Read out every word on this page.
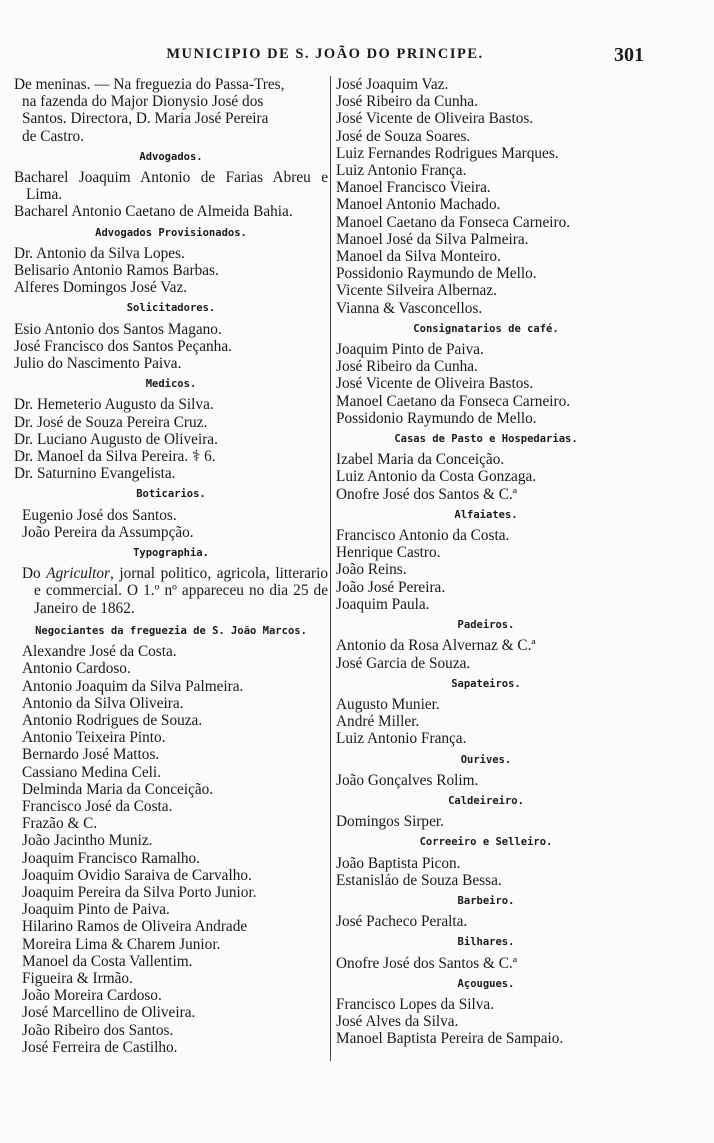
MUNICIPIO DE S. JOÃO DO PRINCIPE.	301
De meninas. — Na freguezia do Passa-Tres,
na fazenda do Major Dionysio José dos
Santos. Directora, D. Maria José Pereira
de Castro.
Advogados.
Bacharel Joaquim Antonio de Farias Abreu e Lima.
Bacharel Antonio Caetano de Almeida Bahia.
Advogados Provisionados.
Dr. Antonio da Silva Lopes.
Belisario Antonio Ramos Barbas.
Alferes Domingos José Vaz.
Solicitadores.
Esio Antonio dos Santos Magano.
José Francisco dos Santos Peçanha.
Julio do Nascimento Paiva.
Medicos.
Dr. Hemeterio Augusto da Silva.
Dr. José de Souza Pereira Cruz.
Dr. Luciano Augusto de Oliveira.
Dr. Manoel da Silva Pereira. ⚕ 6.
Dr. Saturnino Evangelista.
Boticarios.
Eugenio José dos Santos.
João Pereira da Assumpção.
Typographia.
Do Agricultor, jornal politico, agricola, litterario e commercial. O 1.º nº appareceu no dia 25 de Janeiro de 1862.
Negociantes da freguezia de S. João Marcos.
Alexandre José da Costa.
Antonio Cardoso.
Antonio Joaquim da Silva Palmeira.
Antonio da Silva Oliveira.
Antonio Rodrigues de Souza.
Antonio Teixeira Pinto.
Bernardo José Mattos.
Cassiano Medina Celi.
Delminda Maria da Conceição.
Francisco José da Costa.
Frazão & C.
João Jacintho Muniz.
Joaquim Francisco Ramalho.
Joaquim Ovidio Saraiva de Carvalho.
Joaquim Pereira da Silva Porto Junior.
Joaquim Pinto de Paiva.
Hilarino Ramos de Oliveira Andrade
Moreira Lima & Charem Junior.
Manoel da Costa Vallentim.
Figueira & Irmão.
João Moreira Cardoso.
José Marcellino de Oliveira.
João Ribeiro dos Santos.
José Ferreira de Castilho.
José Joaquim Vaz.
José Ribeiro da Cunha.
José Vicente de Oliveira Bastos.
José de Souza Soares.
Luiz Fernandes Rodrigues Marques.
Luiz Antonio França.
Manoel Francisco Vieira.
Manoel Antonio Machado.
Manoel Caetano da Fonseca Carneiro.
Manoel José da Silva Palmeira.
Manoel da Silva Monteiro.
Possidonio Raymundo de Mello.
Vicente Silveira Albernaz.
Vianna & Vasconcellos.
Consignatarios de café.
Joaquim Pinto de Paiva.
José Ribeiro da Cunha.
José Vicente de Oliveira Bastos.
Manoel Caetano da Fonseca Carneiro.
Possidonio Raymundo de Mello.
Casas de Pasto e Hospedarias.
Izabel Maria da Conceição.
Luiz Antonio da Costa Gonzaga.
Onofre José dos Santos & C.ª
Alfaiates.
Francisco Antonio da Costa.
Henrique Castro.
João Reins.
João José Pereira.
Joaquim Paula.
Padeiros.
Antonio da Rosa Alvernaz & C.ª
José Garcia de Souza.
Sapateiros.
Augusto Munier.
André Miller.
Luiz Antonio França.
Ourives.
João Gonçalves Rolim.
Caldeireiro.
Domingos Sirper.
Correeiro e Selleiro.
João Baptista Picon.
Estanisláo de Souza Bessa.
Barbeiro.
José Pacheco Peralta.
Bilhares.
Onofre José dos Santos & C.ª
Açougues.
Francisco Lopes da Silva.
José Alves da Silva.
Manoel Baptista Pereira de Sampaio.
